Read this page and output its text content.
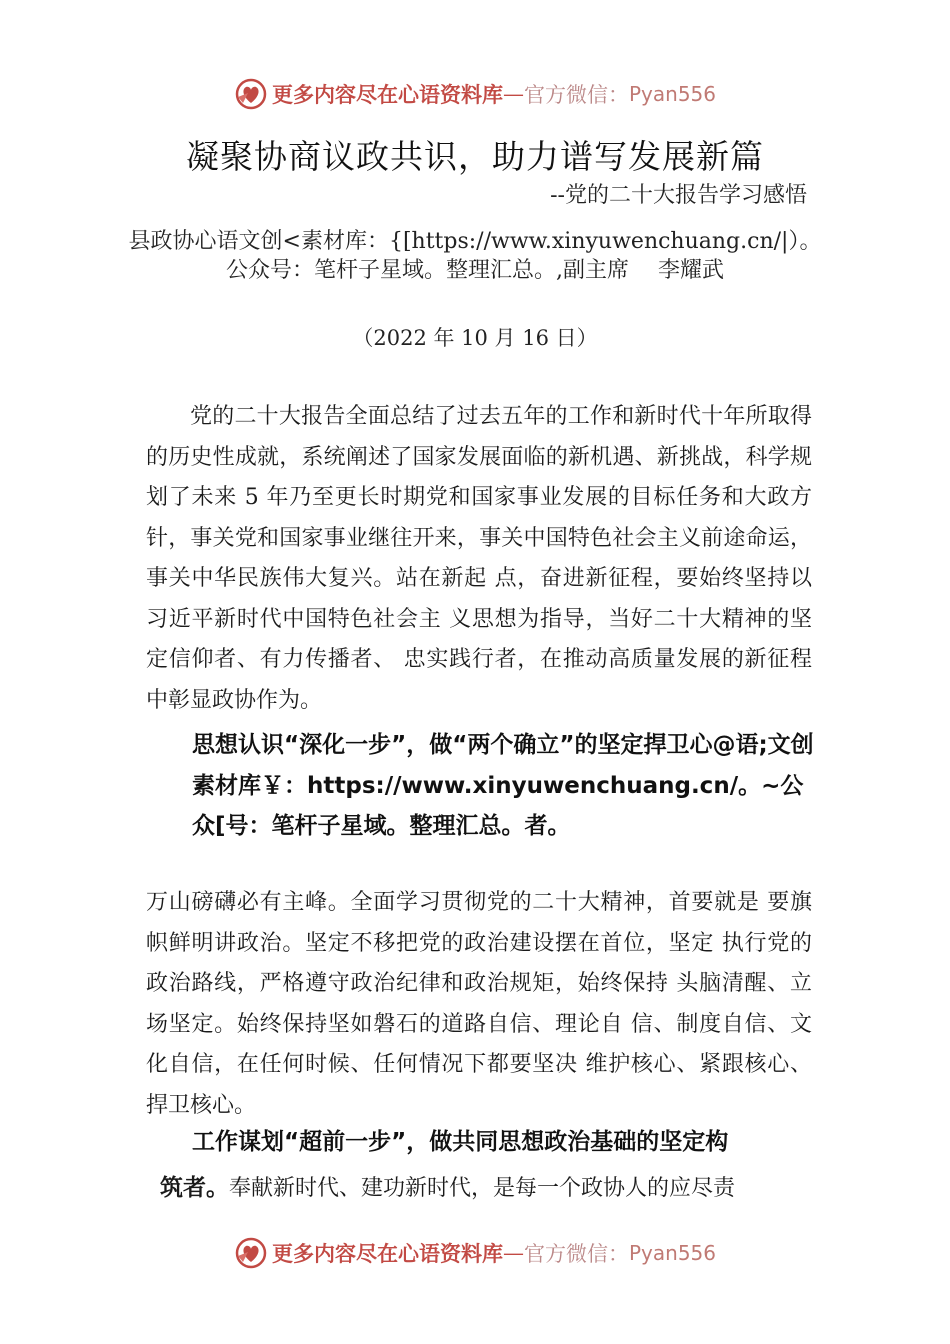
更多内容尽在心语资料库 — 官方微信： Pyan556
凝聚协商议政共识，助力谱写发展新篇
--党的二十大报告学习感悟
县政协心语文创<素材库：{[https://www.xinyuwenchuang.cn/|）。公众号：笔杆子星域。整理汇总。,副主席　 李耀武
（2022 年 10 月 16 日）
党的二十大报告全面总结了过去五年的工作和新时代十年所取得的历史性成就，系统阐述了国家发展面临的新机遇、新挑战，科学规划了未来 5 年乃至更长时期党和国家事业发展的目标任务和大政方针，事关党和国家事业继往开来，事关中国特色社会主义前途命运，事关中华民族伟大复兴。站在新起 点，奋进新征程，要始终坚持以习近平新时代中国特色社会主 义思想为指导，当好二十大精神的坚定信仰者、有力传播者、 忠实践行者，在推动高质量发展的新征程中彰显政协作为。
思想认识“深化一步”，做“两个确立”的坚定捍卫心@语;文创素材库￥：https://www.xinyuwenchuang.cn/。~公众[号：笔杆子星域。整理汇总。者。
万山磅礴必有主峰。全面学习贯彻党的二十大精神，首要就是 要旗帜鲜明讲政治。坚定不移把党的政治建设摆在首位，坚定 执行党的政治路线，严格遵守政治纪律和政治规矩，始终保持 头脑清醒、立场坚定。始终保持坚如磐石的道路自信、理论自 信、制度自信、文化自信，在任何时候、任何情况下都要坚决 维护核心、紧跟核心、捍卫核心。
工作谋划“超前一步”，做共同思想政治基础的坚定构
筑者。奉献新时代、建功新时代，是每一个政协人的应尽责
更多内容尽在心语资料库 — 官方微信： Pyan556
